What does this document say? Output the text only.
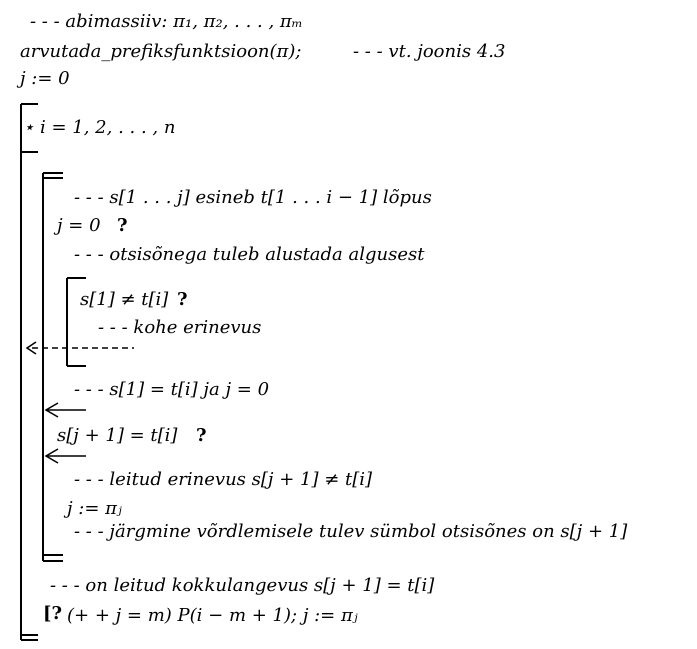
- - - abimassiiv: π₁, π₂, . . . , πₘ
arvutada_prefiksfunktsioon(π);	- - - vt. joonis 4.3
j := 0
⋆ i = 1, 2, . . . , n
- - - s[1 . . . j] esineb t[1 . . . i − 1] lõpus
j = 0 ?
- - - otsisõnega tuleb alustada algusest
s[1] ≠ t[i] ?
- - - kohe erinevus
- - - s[1] = t[i] ja j = 0
s[j + 1] = t[i] ?
- - - leitud erinevus s[j + 1] ≠ t[i]
j := πⱼ
- - - järgmine võrdlemisele tulev sümbol otsisõnes on s[j + 1]
- - - on leitud kokkulangevus s[j + 1] = t[i]
[? (+ + j = m) P(i − m + 1); j := πⱼ
